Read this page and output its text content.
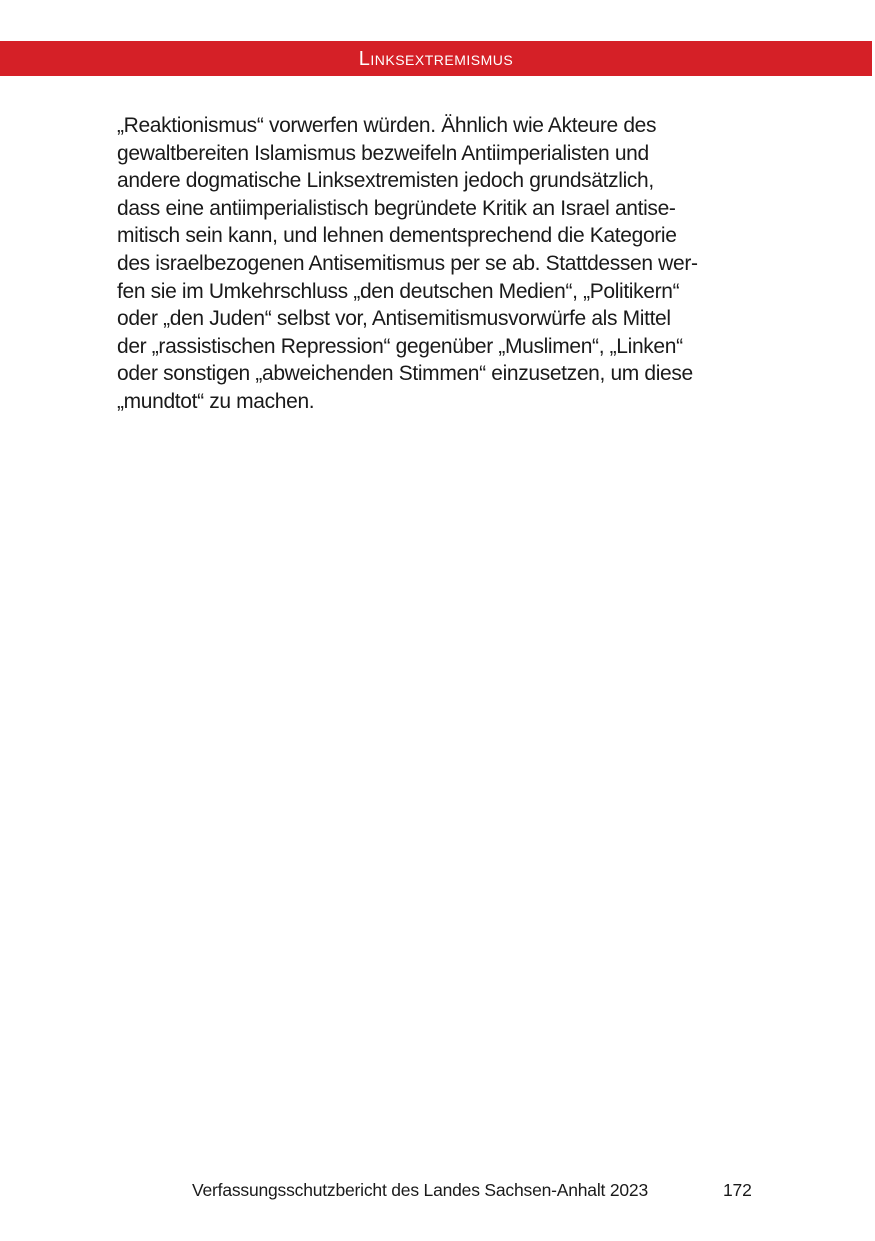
Linksextremismus
„Reaktionismus“ vorwerfen würden. Ähnlich wie Akteure des
gewaltbereiten Islamismus bezweifeln Antiimperialisten und
andere dogmatische Linksextremisten jedoch grundsätzlich,
dass eine antiimperialistisch begründete Kritik an Israel antise-
mitisch sein kann, und lehnen dementsprechend die Kategorie
des israelbezogenen Antisemitismus per se ab. Stattdessen wer-
fen sie im Umkehrschluss „den deutschen Medien“, „Politikern“
oder „den Juden“ selbst vor, Antisemitismusvorwürfe als Mittel
der „rassistischen Repression“ gegenüber „Muslimen“, „Linken“
oder sonstigen „abweichenden Stimmen“ einzusetzen, um diese
„mundtot“ zu machen.
Verfassungsschutzbericht des Landes Sachsen-Anhalt 2023	172
